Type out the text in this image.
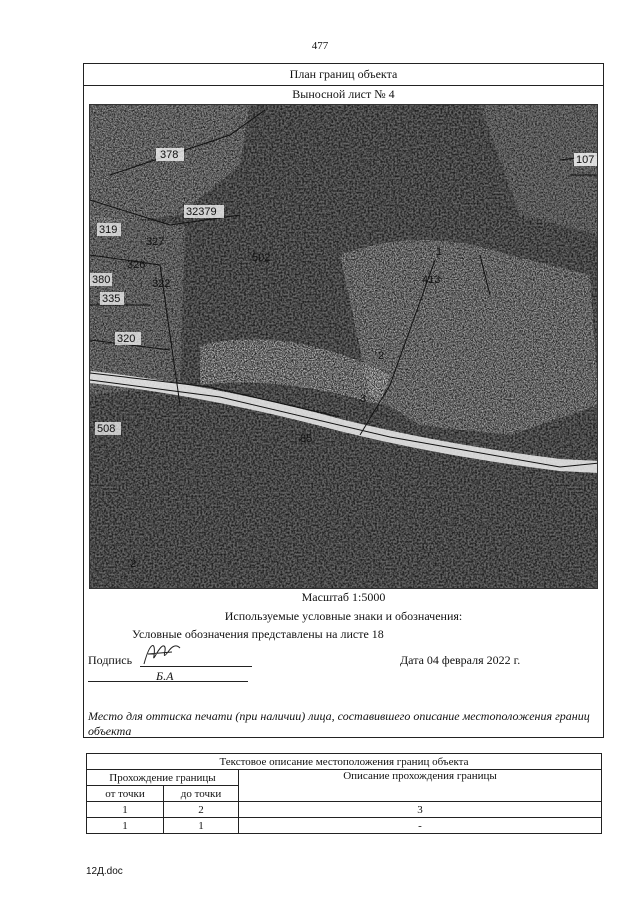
477
План границ объекта
Выносной лист № 4
378
32379
319
327
326
380	322
335
320
502
413
107
1
2
3
508
85
2
Масштаб 1:5000
Используемые условные знаки и обозначения:
Условные обозначения представлены на листе 18
Подпись	Дата 04 февраля 2022 г.
Б.А
Место для оттиска печати (при наличии) лица, составившего описание местоположения границ объекта
Текстовое описание местоположения границ объекта		
Прохождение границы		Описание прохождения границы
от точки	до точки	
1	2	3
1	1	-
12Д.doc
